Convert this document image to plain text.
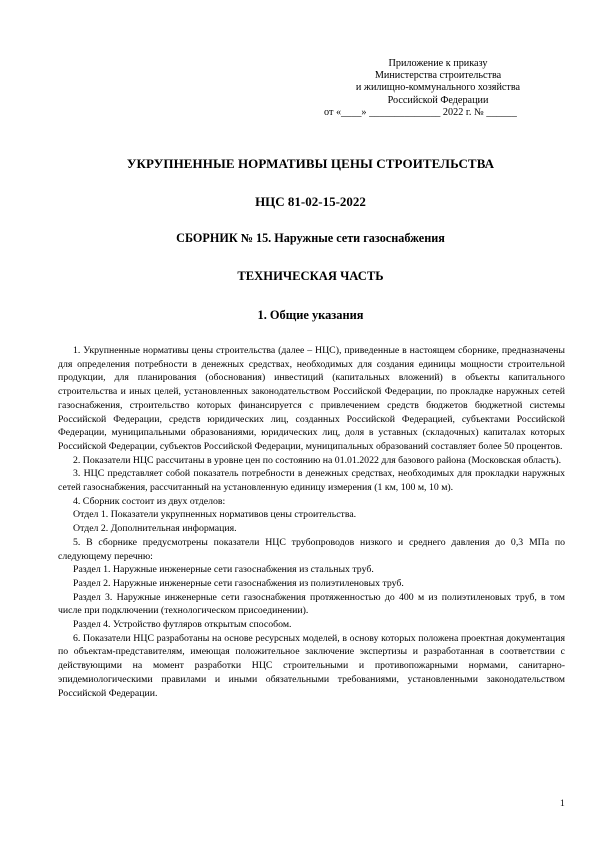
Приложение к приказу
Министерства строительства
и жилищно-коммунального хозяйства
Российской Федерации
от «____» ______________ 2022 г. № ______
УКРУПНЕННЫЕ НОРМАТИВЫ ЦЕНЫ СТРОИТЕЛЬСТВА
НЦС 81-02-15-2022
СБОРНИК № 15. Наружные сети газоснабжения
ТЕХНИЧЕСКАЯ ЧАСТЬ
1. Общие указания

1. Укрупненные нормативы цены строительства (далее – НЦС), приведенные в настоящем сборнике, предназначены для определения потребности в денежных средствах, необходимых для создания единицы мощности строительной продукции, для планирования (обоснования) инвестиций (капитальных вложений) в объекты капитального строительства и иных целей, установленных законодательством Российской Федерации, по прокладке наружных сетей газоснабжения, строительство которых финансируется с привлечением средств бюджетов бюджетной системы Российской Федерации, средств юридических лиц, созданных Российской Федерацией, субъектами Российской Федерации, муниципальными образованиями, юридических лиц, доля в уставных (складочных) капиталах которых Российской Федерации, субъектов Российской Федерации, муниципальных образований составляет более 50 процентов.

2. Показатели НЦС рассчитаны в уровне цен по состоянию на 01.01.2022 для базового района (Московская область).

3. НЦС представляет собой показатель потребности в денежных средствах, необходимых для прокладки наружных сетей газоснабжения, рассчитанный на установленную единицу измерения (1 км, 100 м, 10 м).

4. Сборник состоит из двух отделов:

Отдел 1. Показатели укрупненных нормативов цены строительства.

Отдел 2. Дополнительная информация.

5. В сборнике предусмотрены показатели НЦС трубопроводов низкого и среднего давления до 0,3 МПа по следующему перечню:

Раздел 1. Наружные инженерные сети газоснабжения из стальных труб.

Раздел 2. Наружные инженерные сети газоснабжения из полиэтиленовых труб.

Раздел 3. Наружные инженерные сети газоснабжения протяженностью до 400 м из полиэтиленовых труб, в том числе при подключении (технологическом присоединении).

Раздел 4. Устройство футляров открытым способом.

6. Показатели НЦС разработаны на основе ресурсных моделей, в основу которых положена проектная документация по объектам-представителям, имеющая положительное заключение экспертизы и разработанная в соответствии с действующими на момент разработки НЦС строительными и противопожарными нормами, санитарно-эпидемиологическими правилами и иными обязательными требованиями, установленными законодательством Российской Федерации.

1
